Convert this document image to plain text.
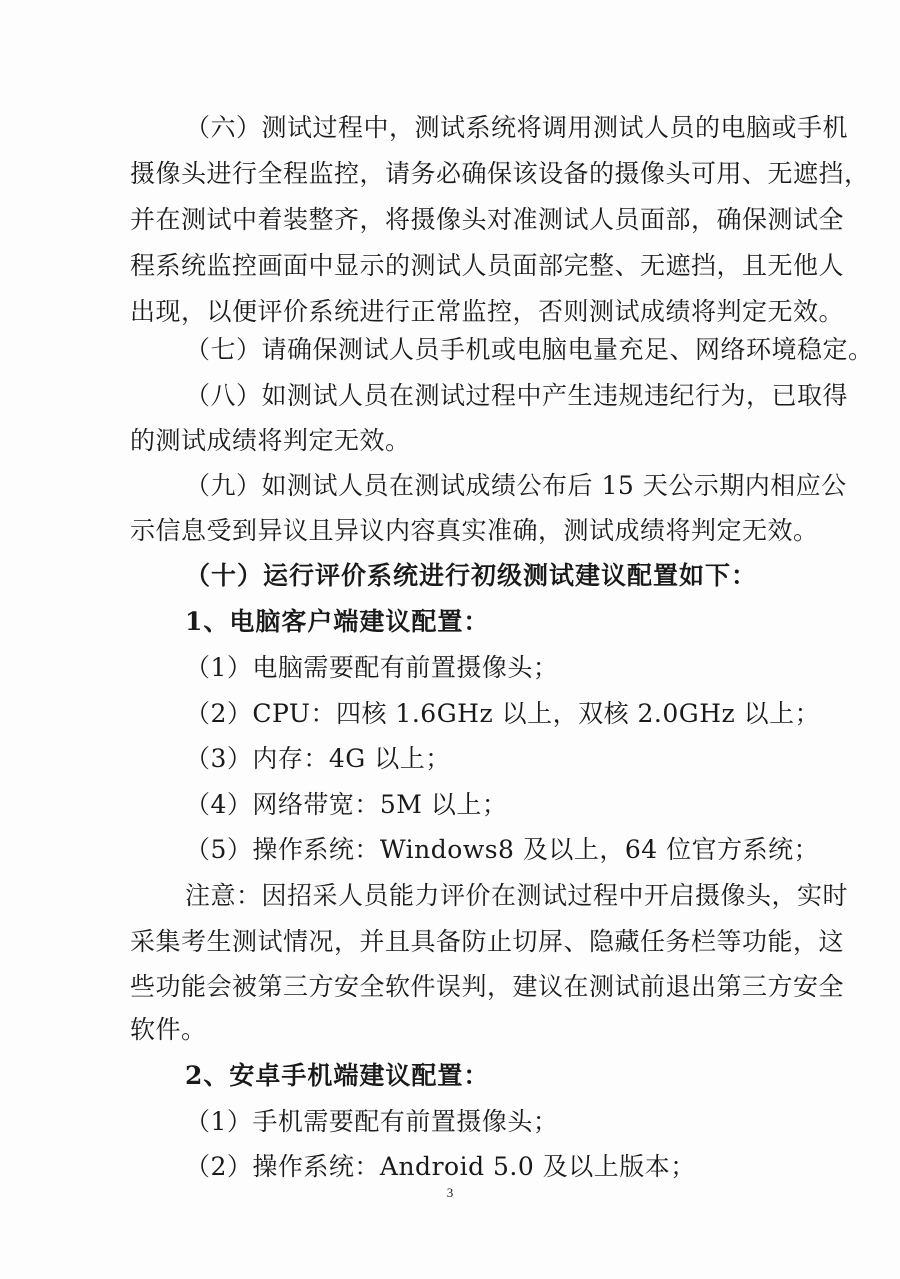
（六）测试过程中，测试系统将调用测试人员的电脑或手机
摄像头进行全程监控，请务必确保该设备的摄像头可用、无遮挡，
并在测试中着装整齐，将摄像头对准测试人员面部，确保测试全
程系统监控画面中显示的测试人员面部完整、无遮挡，且无他人
出现，以便评价系统进行正常监控，否则测试成绩将判定无效。
（七）请确保测试人员手机或电脑电量充足、网络环境稳定。
（八）如测试人员在测试过程中产生违规违纪行为，已取得
的测试成绩将判定无效。
（九）如测试人员在测试成绩公布后 15 天公示期内相应公
示信息受到异议且异议内容真实准确，测试成绩将判定无效。
（十）运行评价系统进行初级测试建议配置如下：
1、电脑客户端建议配置：
（1）电脑需要配有前置摄像头；
（2）CPU：四核 1.6GHz 以上，双核 2.0GHz 以上；
（3）内存：4G 以上；
（4）网络带宽：5M 以上；
（5）操作系统：Windows8 及以上，64 位官方系统；
注意：因招采人员能力评价在测试过程中开启摄像头，实时
采集考生测试情况，并且具备防止切屏、隐藏任务栏等功能，这
些功能会被第三方安全软件误判，建议在测试前退出第三方安全
软件。
2、安卓手机端建议配置：
（1）手机需要配有前置摄像头；
（2）操作系统：Android 5.0 及以上版本；
3
